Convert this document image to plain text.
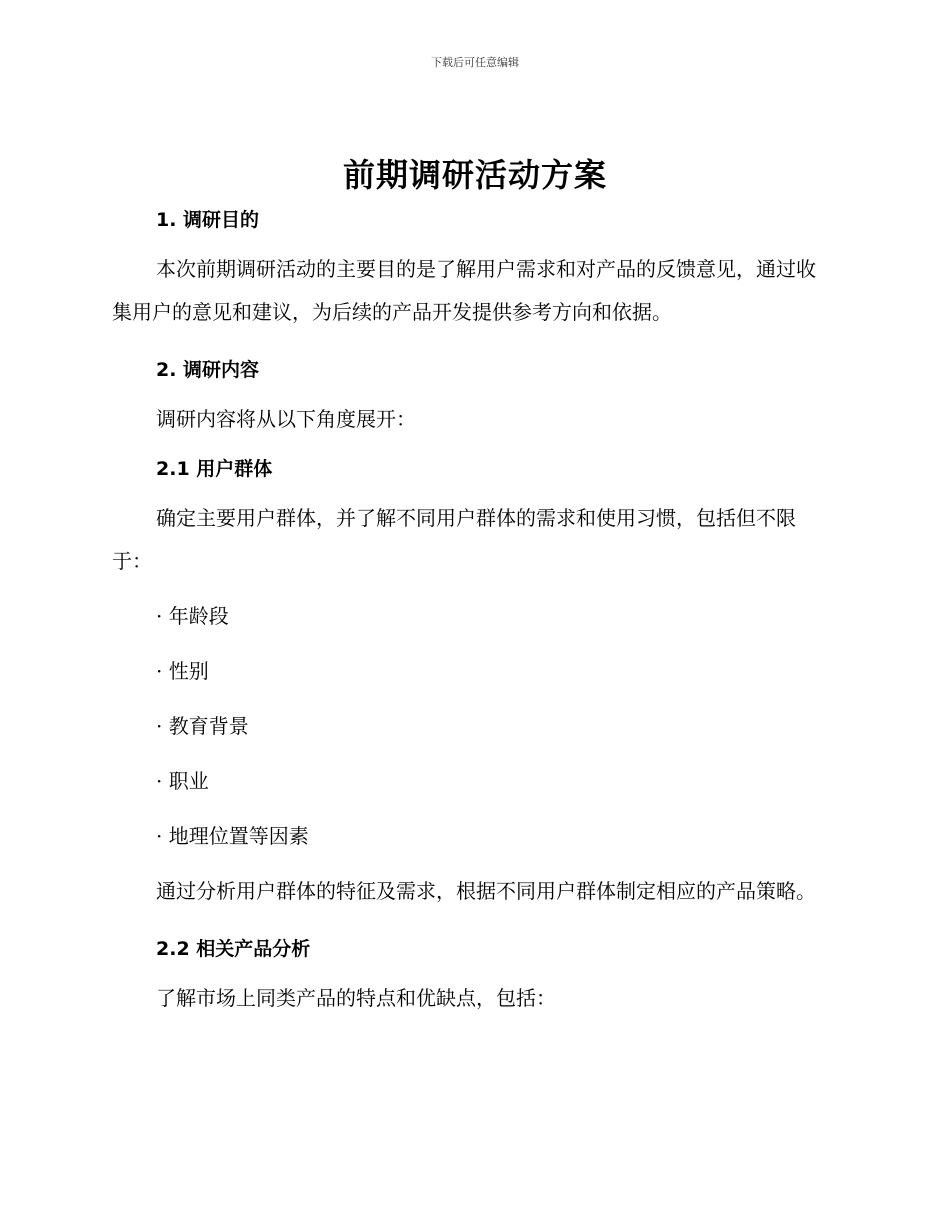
下载后可任意编辑
前期调研活动方案
1. 调研目的

本次前期调研活动的主要目的是了解用户需求和对产品的反馈意见，通过收集用户的意见和建议，为后续的产品开发提供参考方向和依据。

2. 调研内容

调研内容将从以下角度展开：

2.1 用户群体

确定主要用户群体，并了解不同用户群体的需求和使用习惯，包括但不限于：

· 年龄段
· 性别
· 教育背景
· 职业
· 地理位置等因素

通过分析用户群体的特征及需求，根据不同用户群体制定相应的产品策略。

2.2 相关产品分析

了解市场上同类产品的特点和优缺点，包括：
